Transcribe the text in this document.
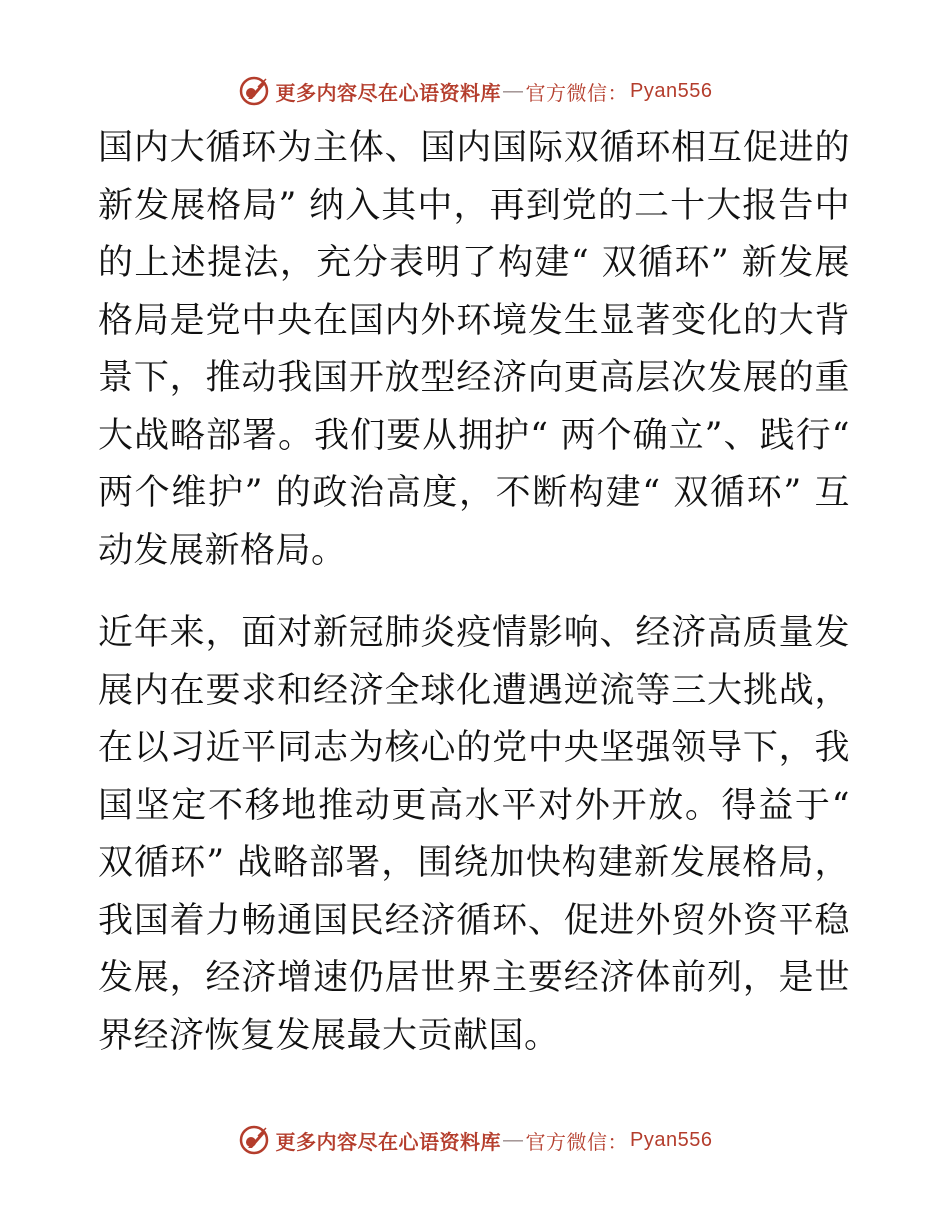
更多内容尽在心语资料库 — 官方微信： Pyan556

国内大循环为主体、国内国际双循环相互促进的新发展格局” 纳入其中，再到党的二十大报告中的上述提法，充分表明了构建“ 双循环” 新发展格局是党中央在国内外环境发生显著变化的大背景下，推动我国开放型经济向更高层次发展的重大战略部署。我们要从拥护“ 两个确立”、践行“ 两个维护” 的政治高度，不断构建“ 双循环” 互动发展新格局。

近年来，面对新冠肺炎疫情影响、经济高质量发展内在要求和经济全球化遭遇逆流等三大挑战，在以习近平同志为核心的党中央坚强领导下，我国坚定不移地推动更高水平对外开放。得益于“ 双循环” 战略部署，围绕加快构建新发展格局，我国着力畅通国民经济循环、促进外贸外资平稳发展，经济增速仍居世界主要经济体前列，是世界经济恢复发展最大贡献国。

更多内容尽在心语资料库 — 官方微信： Pyan556
